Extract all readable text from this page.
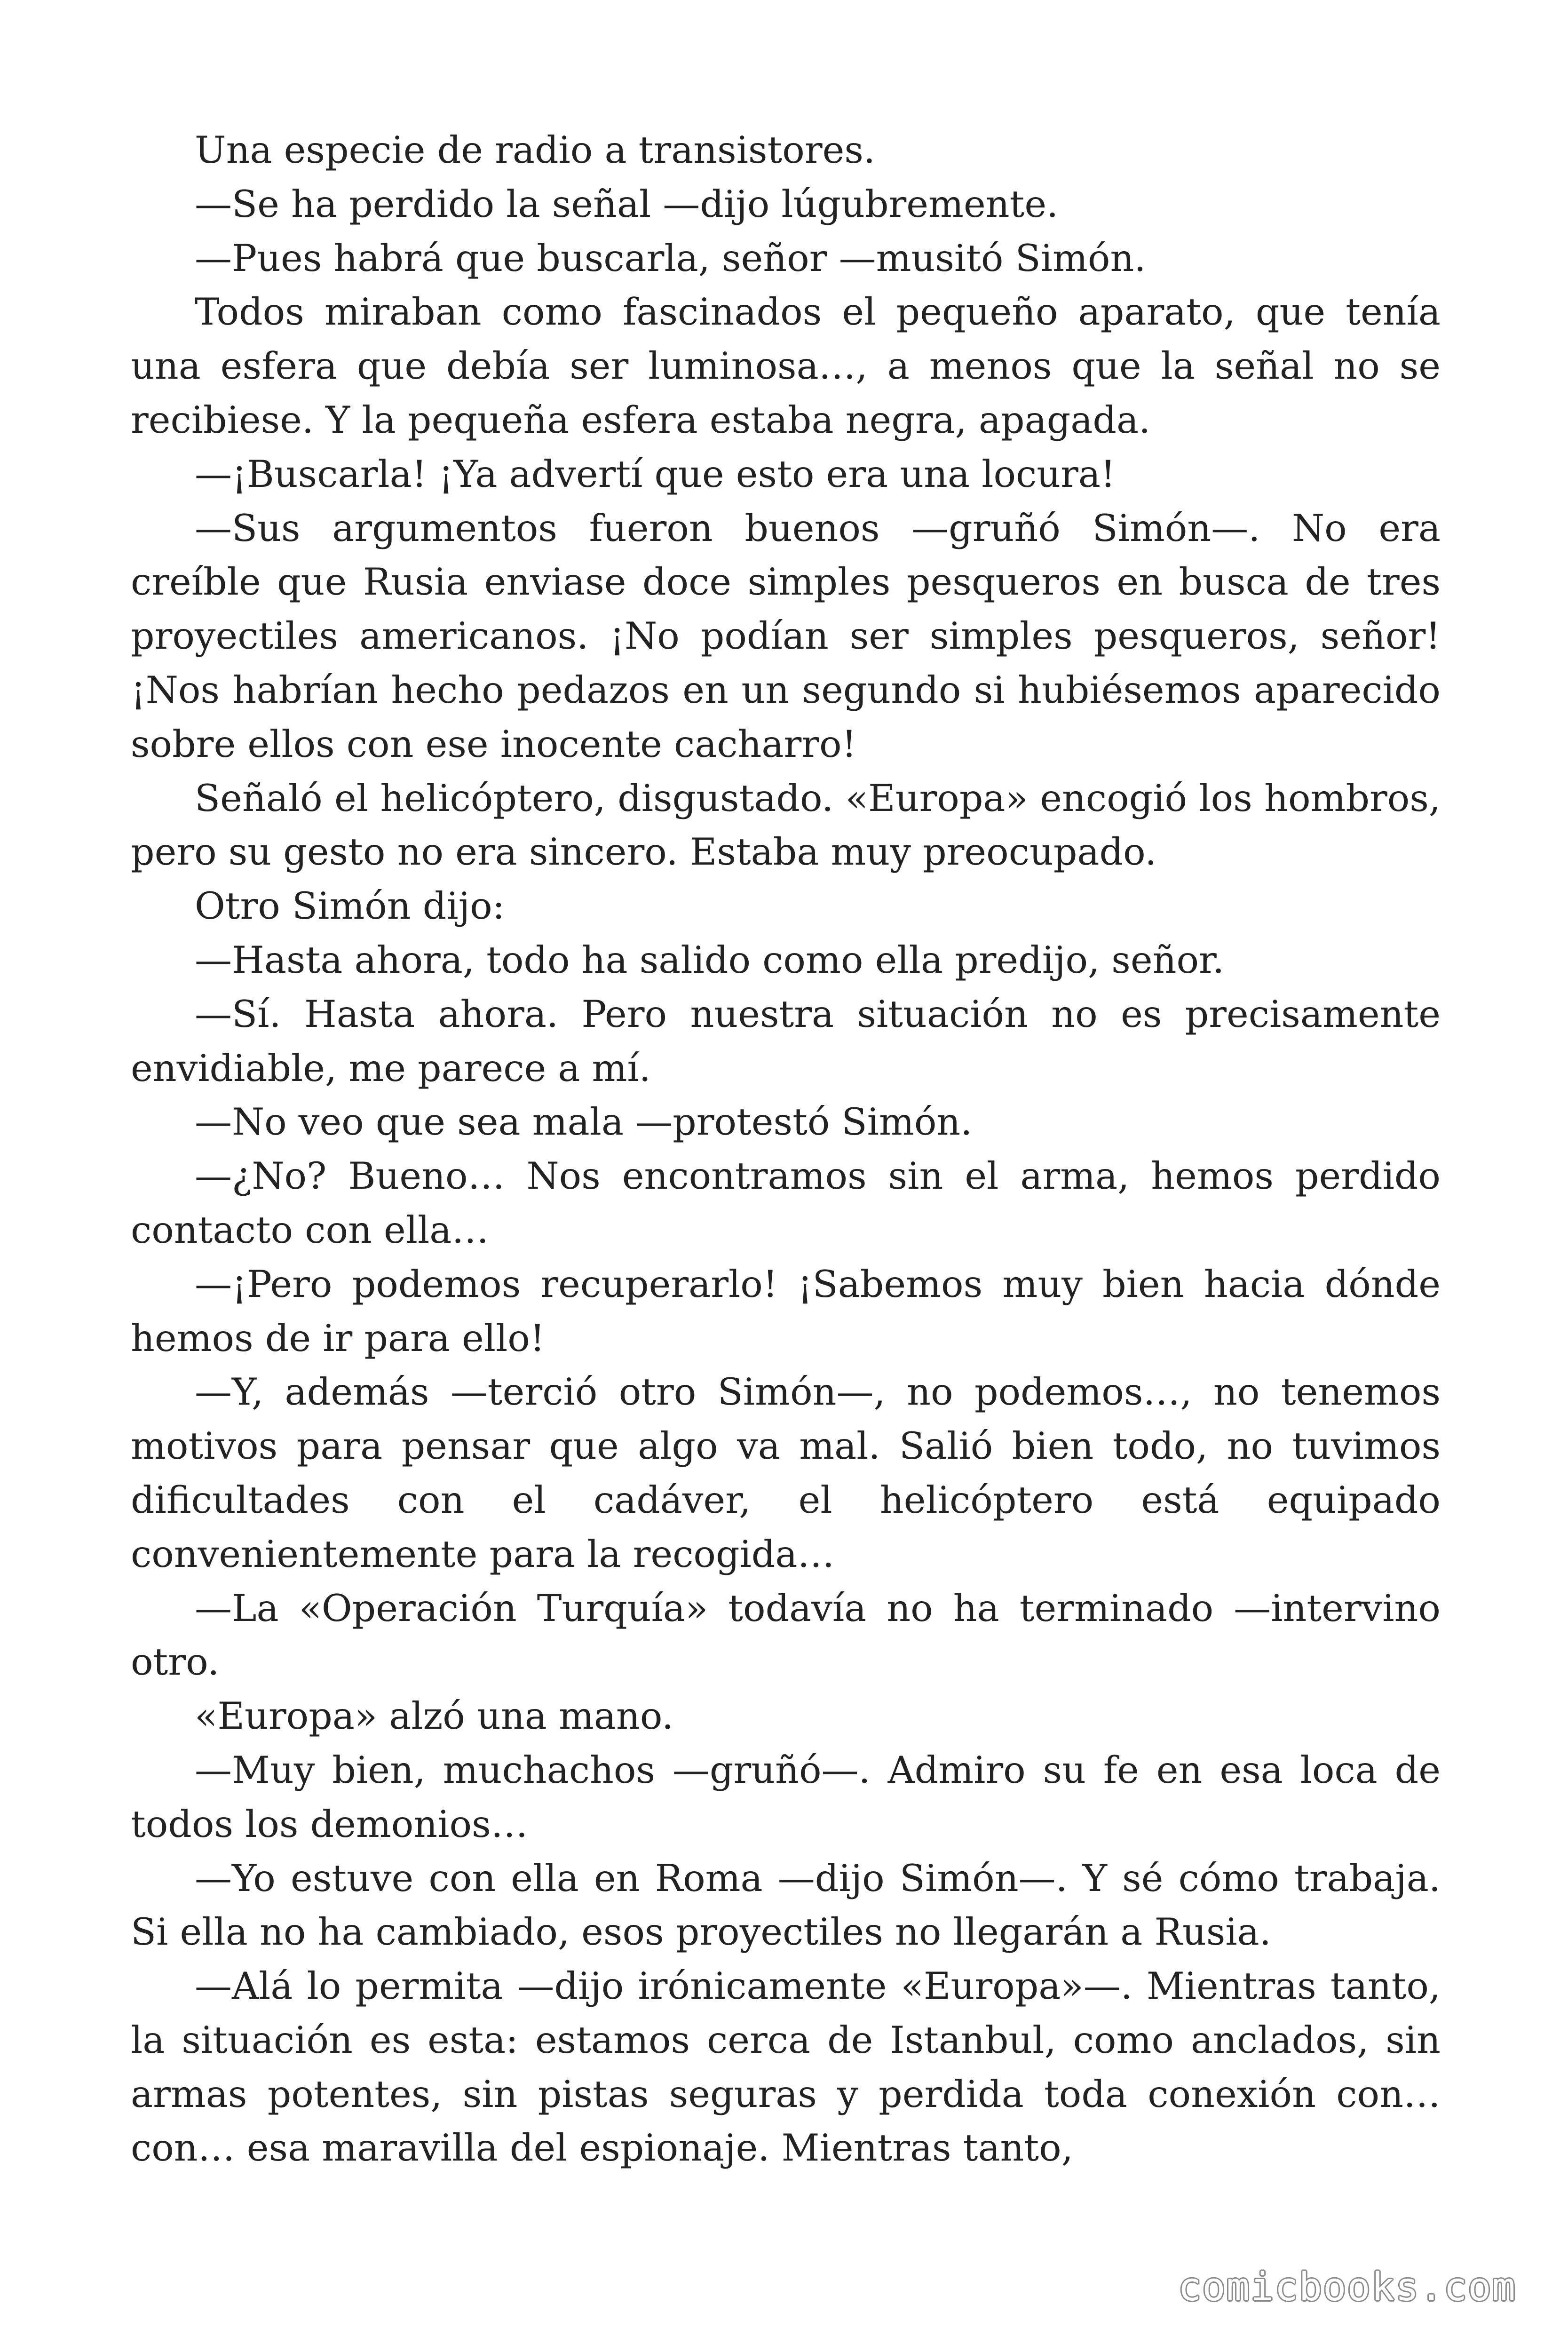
Una especie de radio a transistores.

—Se ha perdido la señal —dijo lúgubremente.

—Pues habrá que buscarla, señor —musitó Simón.

Todos miraban como fascinados el pequeño aparato, que tenía una esfera que debía ser luminosa…, a menos que la señal no se recibiese. Y la pequeña esfera estaba negra, apagada.

—¡Buscarla! ¡Ya advertí que esto era una locura!

—Sus argumentos fueron buenos —gruñó Simón—. No era creíble que Rusia enviase doce simples pesqueros en busca de tres proyectiles americanos. ¡No podían ser simples pesqueros, señor! ¡Nos habrían hecho pedazos en un segundo si hubiésemos aparecido sobre ellos con ese inocente cacharro!

Señaló el helicóptero, disgustado. «Europa» encogió los hombros, pero su gesto no era sincero. Estaba muy preocupado.

Otro Simón dijo:

—Hasta ahora, todo ha salido como ella predijo, señor.

—Sí. Hasta ahora. Pero nuestra situación no es precisamente envidiable, me parece a mí.

—No veo que sea mala —protestó Simón.

—¿No? Bueno… Nos encontramos sin el arma, hemos perdido contacto con ella…

—¡Pero podemos recuperarlo! ¡Sabemos muy bien hacia dónde hemos de ir para ello!

—Y, además —terció otro Simón—, no podemos…, no tenemos motivos para pensar que algo va mal. Salió bien todo, no tuvimos dificultades con el cadáver, el helicóptero está equipado convenientemente para la recogida…

—La «Operación Turquía» todavía no ha terminado —intervino otro.

«Europa» alzó una mano.

—Muy bien, muchachos —gruñó—. Admiro su fe en esa loca de todos los demonios…

—Yo estuve con ella en Roma —dijo Simón—. Y sé cómo trabaja. Si ella no ha cambiado, esos proyectiles no llegarán a Rusia.

—Alá lo permita —dijo irónicamente «Europa»—. Mientras tanto, la situación es esta: estamos cerca de Istanbul, como anclados, sin armas potentes, sin pistas seguras y perdida toda conexión con… con… esa maravilla del espionaje. Mientras tanto,

comicbooks.com
